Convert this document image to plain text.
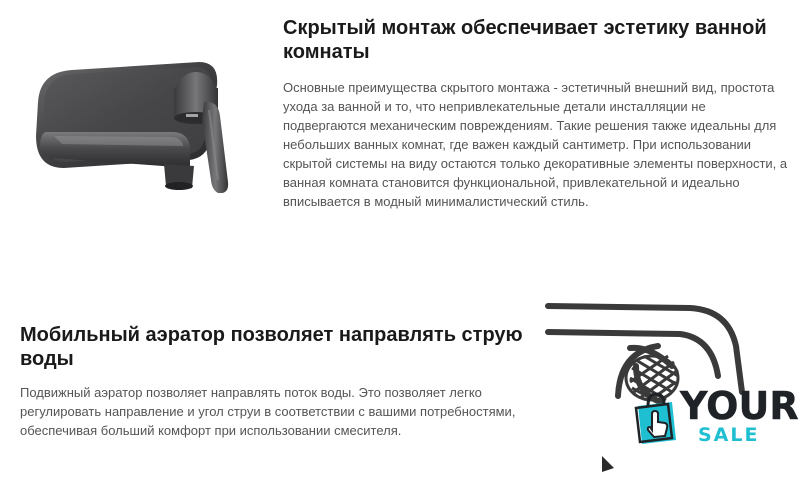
Скрытый монтаж обеспечивает эстетику ванной комнаты

Основные преимущества скрытого монтажа - эстетичный внешний вид, простота ухода за ванной и то, что непривлекательные детали инсталляции не подвергаются механическим повреждениям. Такие решения также идеальны для небольших ванных комнат, где важен каждый сантиметр. При использовании скрытой системы на виду остаются только декоративные элементы поверхности, а ванная комната становится функциональной, привлекательной и идеально вписывается в модный минималистический стиль.

Мобильный аэратор позволяет направлять струю воды

Подвижный аэратор позволяет направлять поток воды. Это позволяет легко регулировать направление и угол струи в соответствии с вашими потребностями, обеспечивая больший комфорт при использовании смесителя.

YOUR
SALE
